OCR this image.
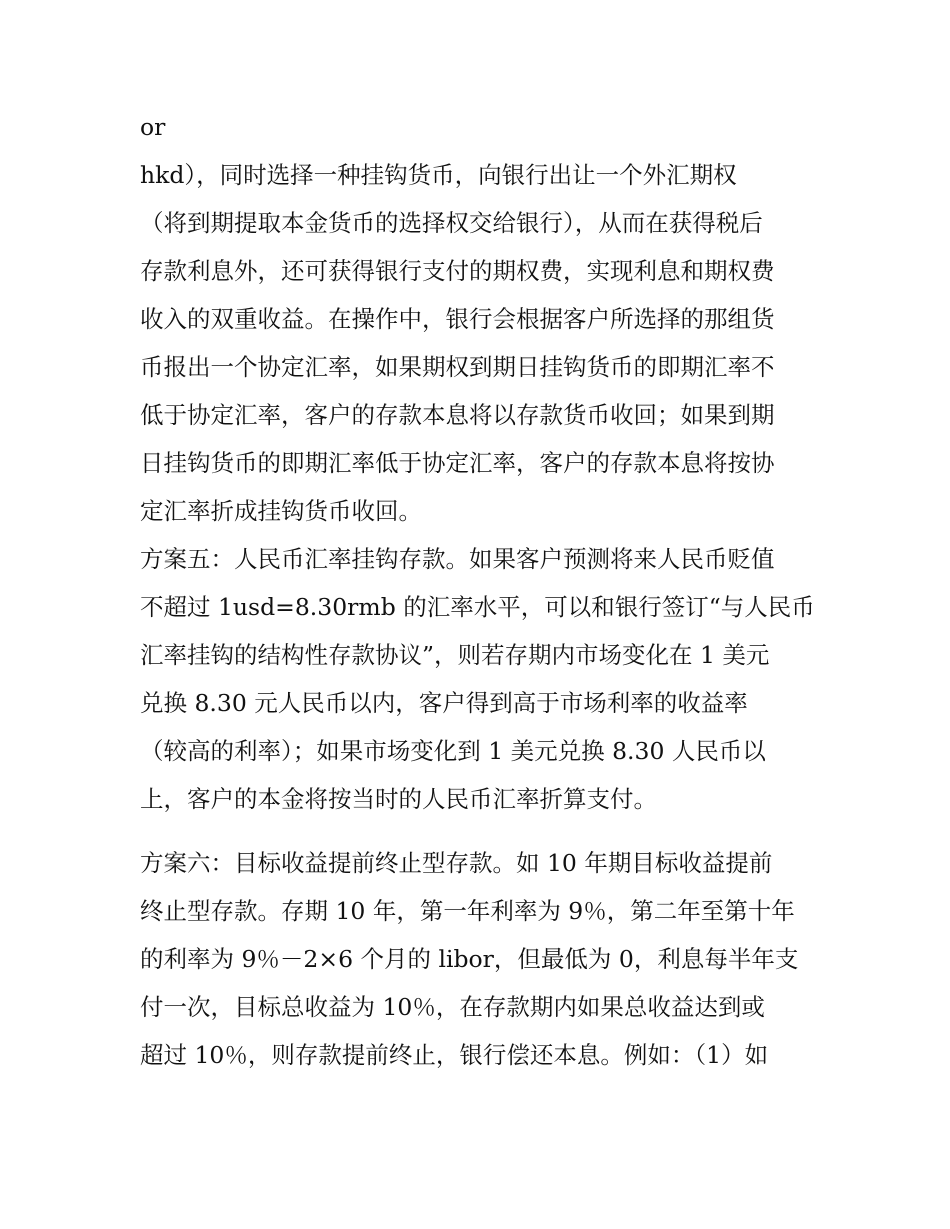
or
hkd），同时选择一种挂钩货币，向银行出让一个外汇期权
（将到期提取本金货币的选择权交给银行），从而在获得税后
存款利息外，还可获得银行支付的期权费，实现利息和期权费
收入的双重收益。在操作中，银行会根据客户所选择的那组货
币报出一个协定汇率，如果期权到期日挂钩货币的即期汇率不
低于协定汇率，客户的存款本息将以存款货币收回；如果到期
日挂钩货币的即期汇率低于协定汇率，客户的存款本息将按协
定汇率折成挂钩货币收回。
方案五：人民币汇率挂钩存款。如果客户预测将来人民币贬值
不超过 1usd=8.30rmb 的汇率水平，可以和银行签订“与人民币
汇率挂钩的结构性存款协议”，则若存期内市场变化在 1 美元
兑换 8.30 元人民币以内，客户得到高于市场利率的收益率
（较高的利率）；如果市场变化到 1 美元兑换 8.30 人民币以
上，客户的本金将按当时的人民币汇率折算支付。
方案六：目标收益提前终止型存款。如 10 年期目标收益提前
终止型存款。存期 10 年，第一年利率为 9％，第二年至第十年
的利率为 9％－2×6 个月的 libor，但最低为 0，利息每半年支
付一次，目标总收益为 10％，在存款期内如果总收益达到或
超过 10％，则存款提前终止，银行偿还本息。例如：（1）如
